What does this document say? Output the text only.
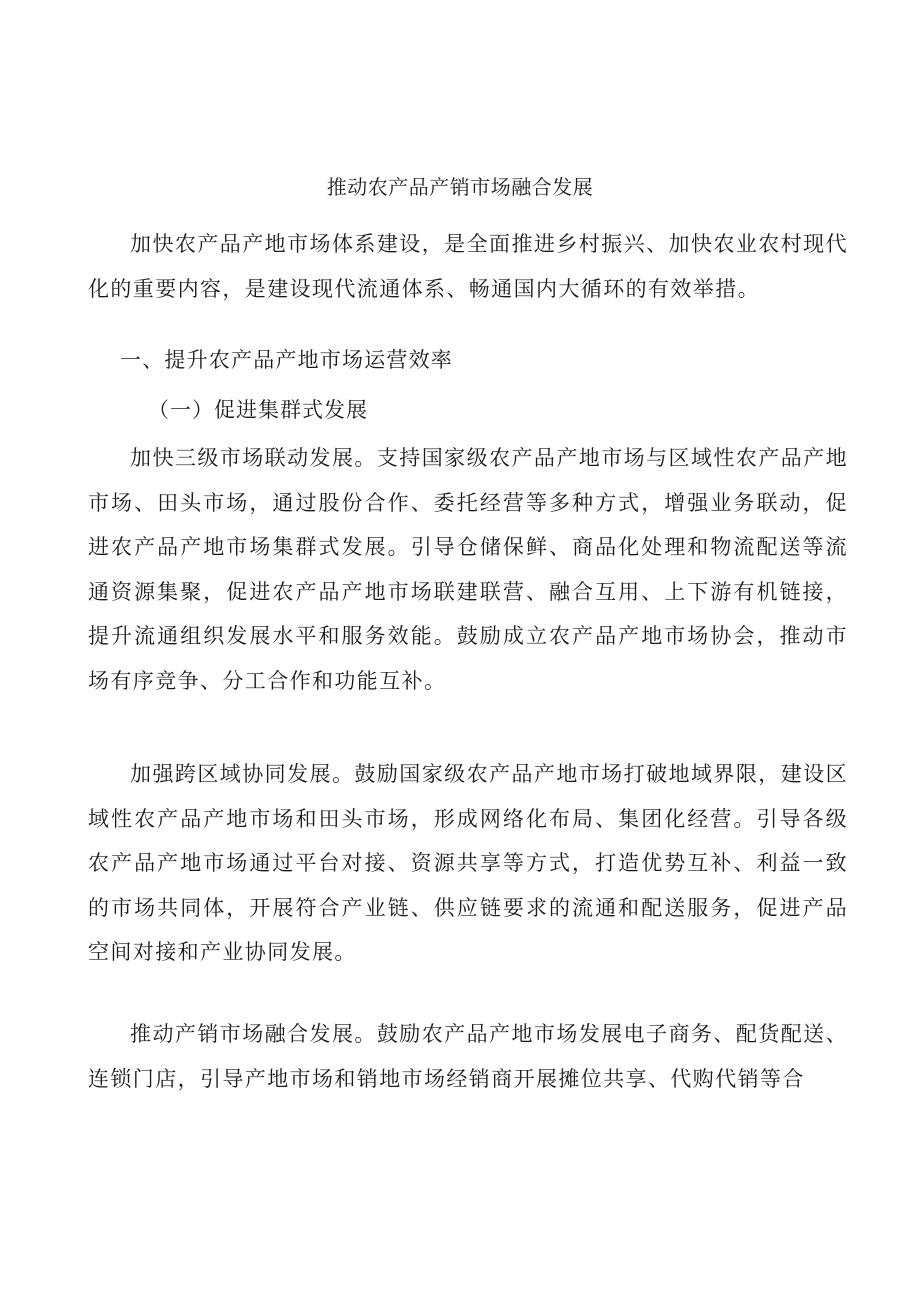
推动农产品产销市场融合发展

加快农产品产地市场体系建设，是全面推进乡村振兴、加快农业农村现代化的重要内容，是建设现代流通体系、畅通国内大循环的有效举措。

一、提升农产品产地市场运营效率
（一）促进集群式发展

加快三级市场联动发展。支持国家级农产品产地市场与区域性农产品产地市场、田头市场，通过股份合作、委托经营等多种方式，增强业务联动，促进农产品产地市场集群式发展。引导仓储保鲜、商品化处理和物流配送等流通资源集聚，促进农产品产地市场联建联营、融合互用、上下游有机链接，提升流通组织发展水平和服务效能。鼓励成立农产品产地市场协会，推动市场有序竞争、分工合作和功能互补。

加强跨区域协同发展。鼓励国家级农产品产地市场打破地域界限，建设区域性农产品产地市场和田头市场，形成网络化布局、集团化经营。引导各级农产品产地市场通过平台对接、资源共享等方式，打造优势互补、利益一致的市场共同体，开展符合产业链、供应链要求的流通和配送服务，促进产品空间对接和产业协同发展。

推动产销市场融合发展。鼓励农产品产地市场发展电子商务、配货配送、连锁门店，引导产地市场和销地市场经销商开展摊位共享、代购代销等合
